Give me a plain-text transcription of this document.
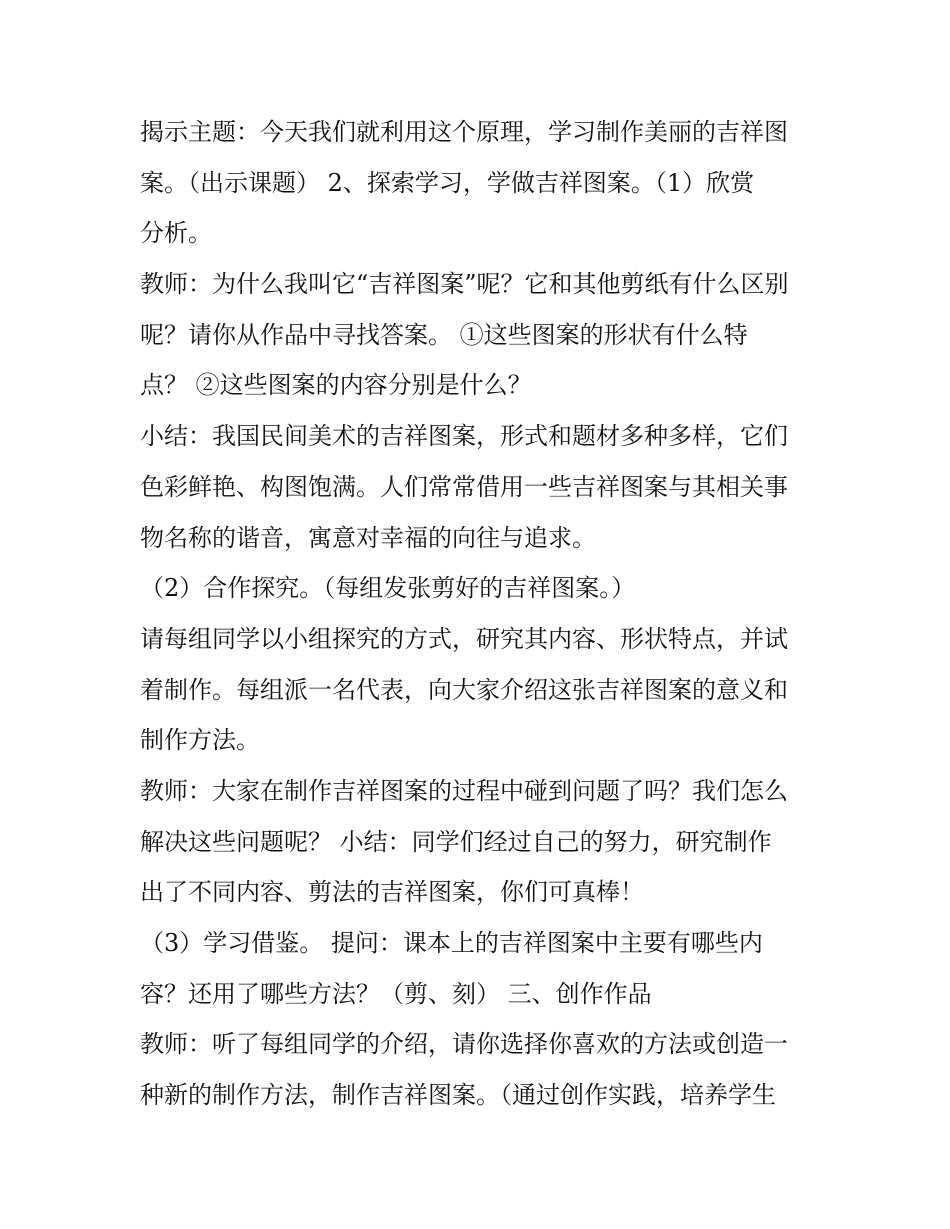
揭示主题：今天我们就利用这个原理，学习制作美丽的吉祥图
案。（出示课题） 2、探索学习，学做吉祥图案。（1）欣赏
分析。
教师：为什么我叫它“吉祥图案”呢？它和其他剪纸有什么区别
呢？请你从作品中寻找答案。 ①这些图案的形状有什么特
点？ ②这些图案的内容分别是什么？
小结：我国民间美术的吉祥图案，形式和题材多种多样，它们
色彩鲜艳、构图饱满。人们常常借用一些吉祥图案与其相关事
物名称的谐音，寓意对幸福的向往与追求。
（2）合作探究。（每组发张剪好的吉祥图案。）
请每组同学以小组探究的方式，研究其内容、形状特点，并试
着制作。每组派一名代表，向大家介绍这张吉祥图案的意义和
制作方法。
教师：大家在制作吉祥图案的过程中碰到问题了吗？我们怎么
解决这些问题呢？ 小结：同学们经过自己的努力，研究制作
出了不同内容、剪法的吉祥图案，你们可真棒！
（3）学习借鉴。 提问：课本上的吉祥图案中主要有哪些内
容？还用了哪些方法？（剪、刻） 三、创作作品
教师：听了每组同学的介绍，请你选择你喜欢的方法或创造一
种新的制作方法，制作吉祥图案。（通过创作实践，培养学生
